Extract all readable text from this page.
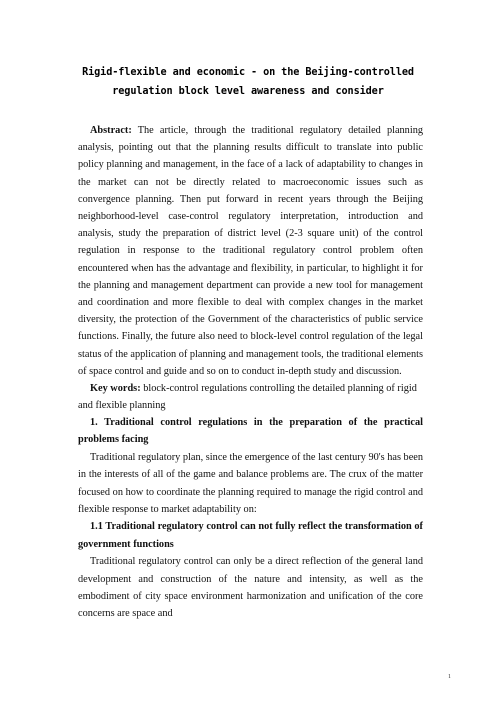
Rigid-flexible and economic - on the Beijing-controlled
regulation block level awareness and consider

Abstract: The article, through the traditional regulatory detailed planning analysis, pointing out that the planning results difficult to translate into public policy planning and management, in the face of a lack of adaptability to changes in the market can not be directly related to macroeconomic issues such as convergence planning. Then put forward in recent years through the Beijing neighborhood-level case-control regulatory interpretation, introduction and analysis, study the preparation of district level (2-3 square unit) of the control regulation in response to the traditional regulatory control problem often encountered when has the advantage and flexibility, in particular, to highlight it for the planning and management department can provide a new tool for management and coordination and more flexible to deal with complex changes in the market diversity, the protection of the Government of the characteristics of public service functions. Finally, the future also need to block-level control regulation of the legal status of the application of planning and management tools, the traditional elements of space control and guide and so on to conduct in-depth study and discussion.

Key words: block-control regulations controlling the detailed planning of rigid and flexible planning

1. Traditional control regulations in the preparation of the practical problems facing

Traditional regulatory plan, since the emergence of the last century 90's has been in the interests of all of the game and balance problems are. The crux of the matter focused on how to coordinate the planning required to manage the rigid control and flexible response to market adaptability on:

1.1 Traditional regulatory control can not fully reflect the transformation of government functions

Traditional regulatory control can only be a direct reflection of the general land development and construction of the nature and intensity, as well as the embodiment of city space environment harmonization and unification of the core concerns are space and

1
